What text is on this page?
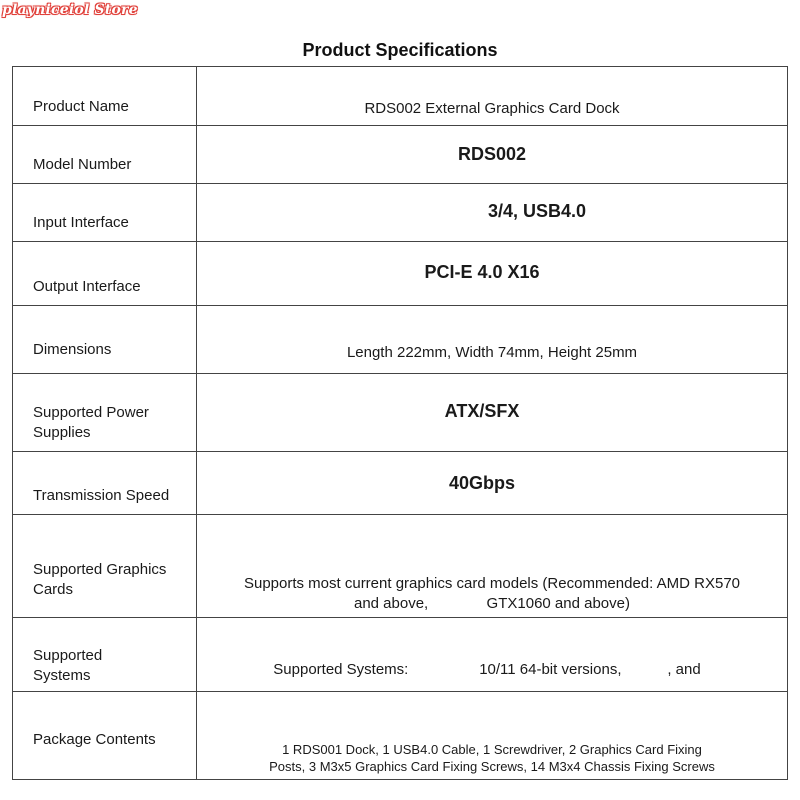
playniceiol Store
Product Specifications
Product Name	RDS002 External Graphics Card Dock

Model Number	RDS002

Input Interface	3/4, USB4.0

Output Interface	PCI-E 4.0 X16

Dimensions	Length 222mm, Width 74mm, Height 25mm

Supported Power Supplies	ATX/SFX

Transmission Speed	40Gbps

Supported Graphics Cards	Supports most current graphics card models (Recommended: AMD RX570
and above,              GTX1060 and above)

Supported Systems	Supported Systems:                 10/11 64-bit versions,           , and

Package Contents	1 RDS001 Dock, 1 USB4.0 Cable, 1 Screwdriver, 2 Graphics Card Fixing
Posts, 3 M3x5 Graphics Card Fixing Screws, 14 M3x4 Chassis Fixing Screws
